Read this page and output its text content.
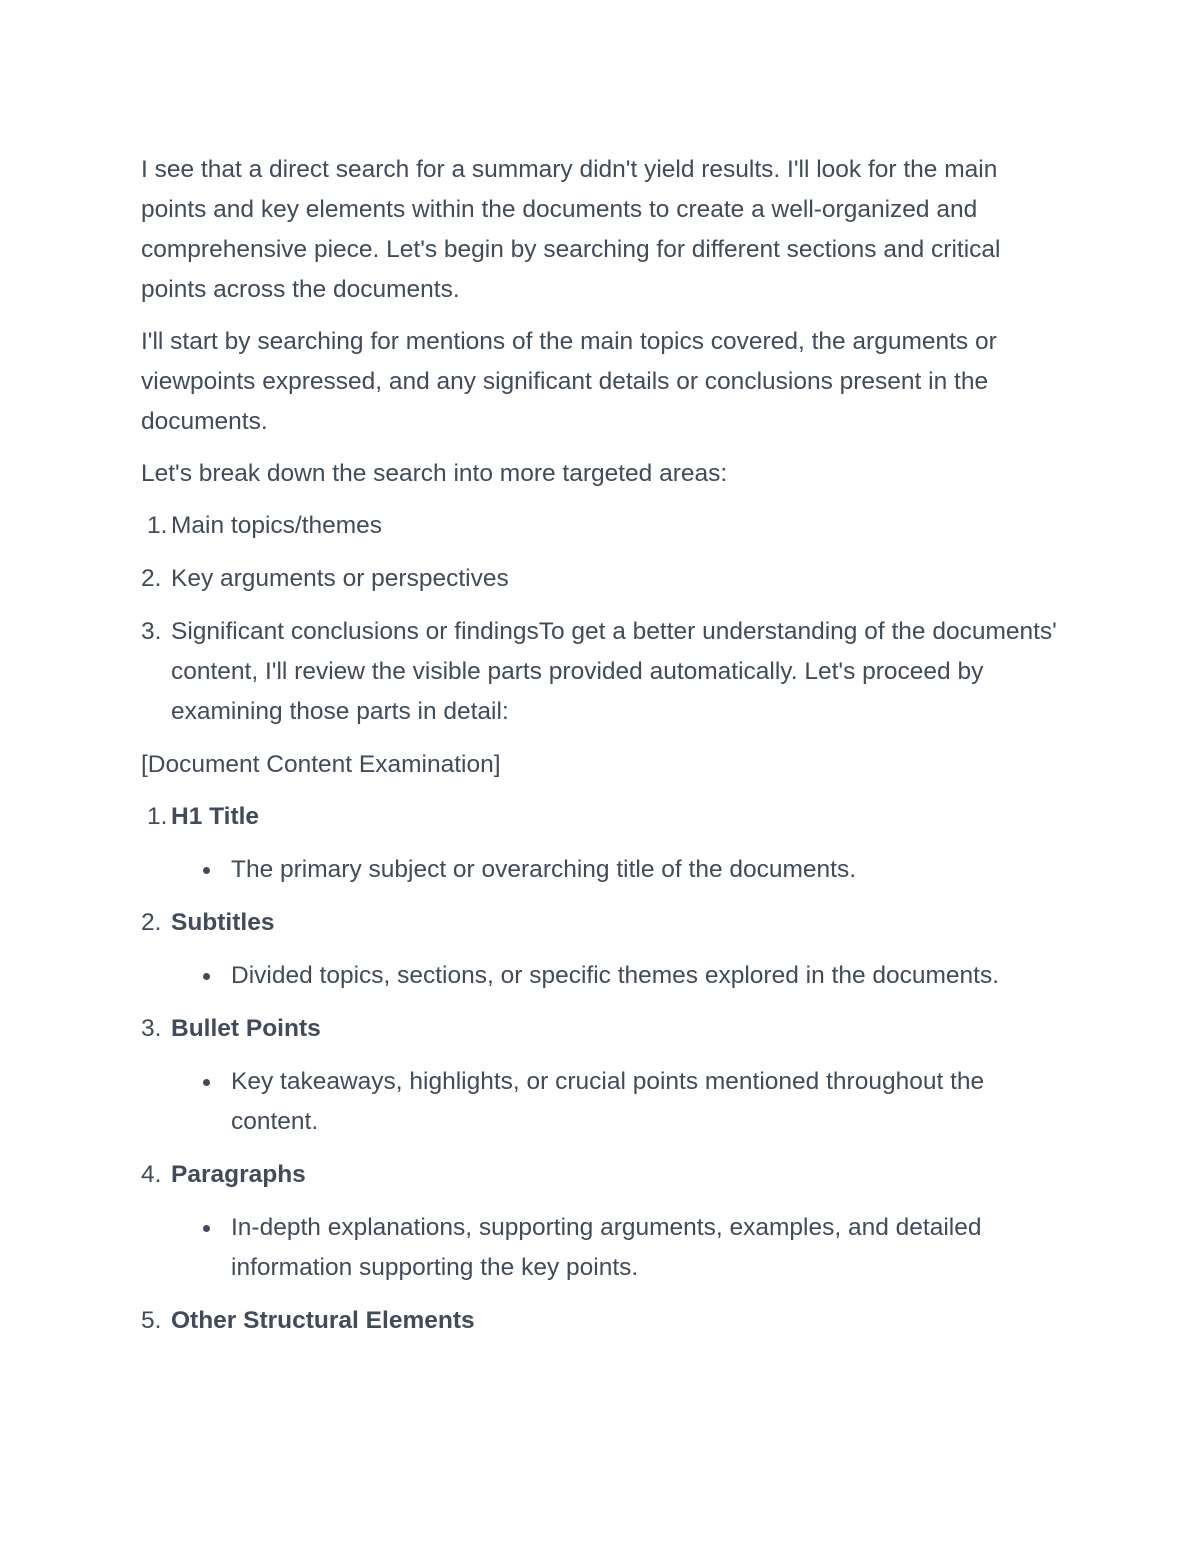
I see that a direct search for a summary didn't yield results. I'll look for the main points and key elements within the documents to create a well-organized and comprehensive piece. Let's begin by searching for different sections and critical points across the documents.

I'll start by searching for mentions of the main topics covered, the arguments or viewpoints expressed, and any significant details or conclusions present in the documents.

Let's break down the search into more targeted areas:

1. Main topics/themes
2. Key arguments or perspectives
3. Significant conclusions or findingsTo get a better understanding of the documents' content, I'll review the visible parts provided automatically. Let's proceed by examining those parts in detail:

[Document Content Examination]

1. H1 Title
The primary subject or overarching title of the documents.
2. Subtitles
Divided topics, sections, or specific themes explored in the documents.
3. Bullet Points
Key takeaways, highlights, or crucial points mentioned throughout the content.
4. Paragraphs
In-depth explanations, supporting arguments, examples, and detailed information supporting the key points.
5. Other Structural Elements
